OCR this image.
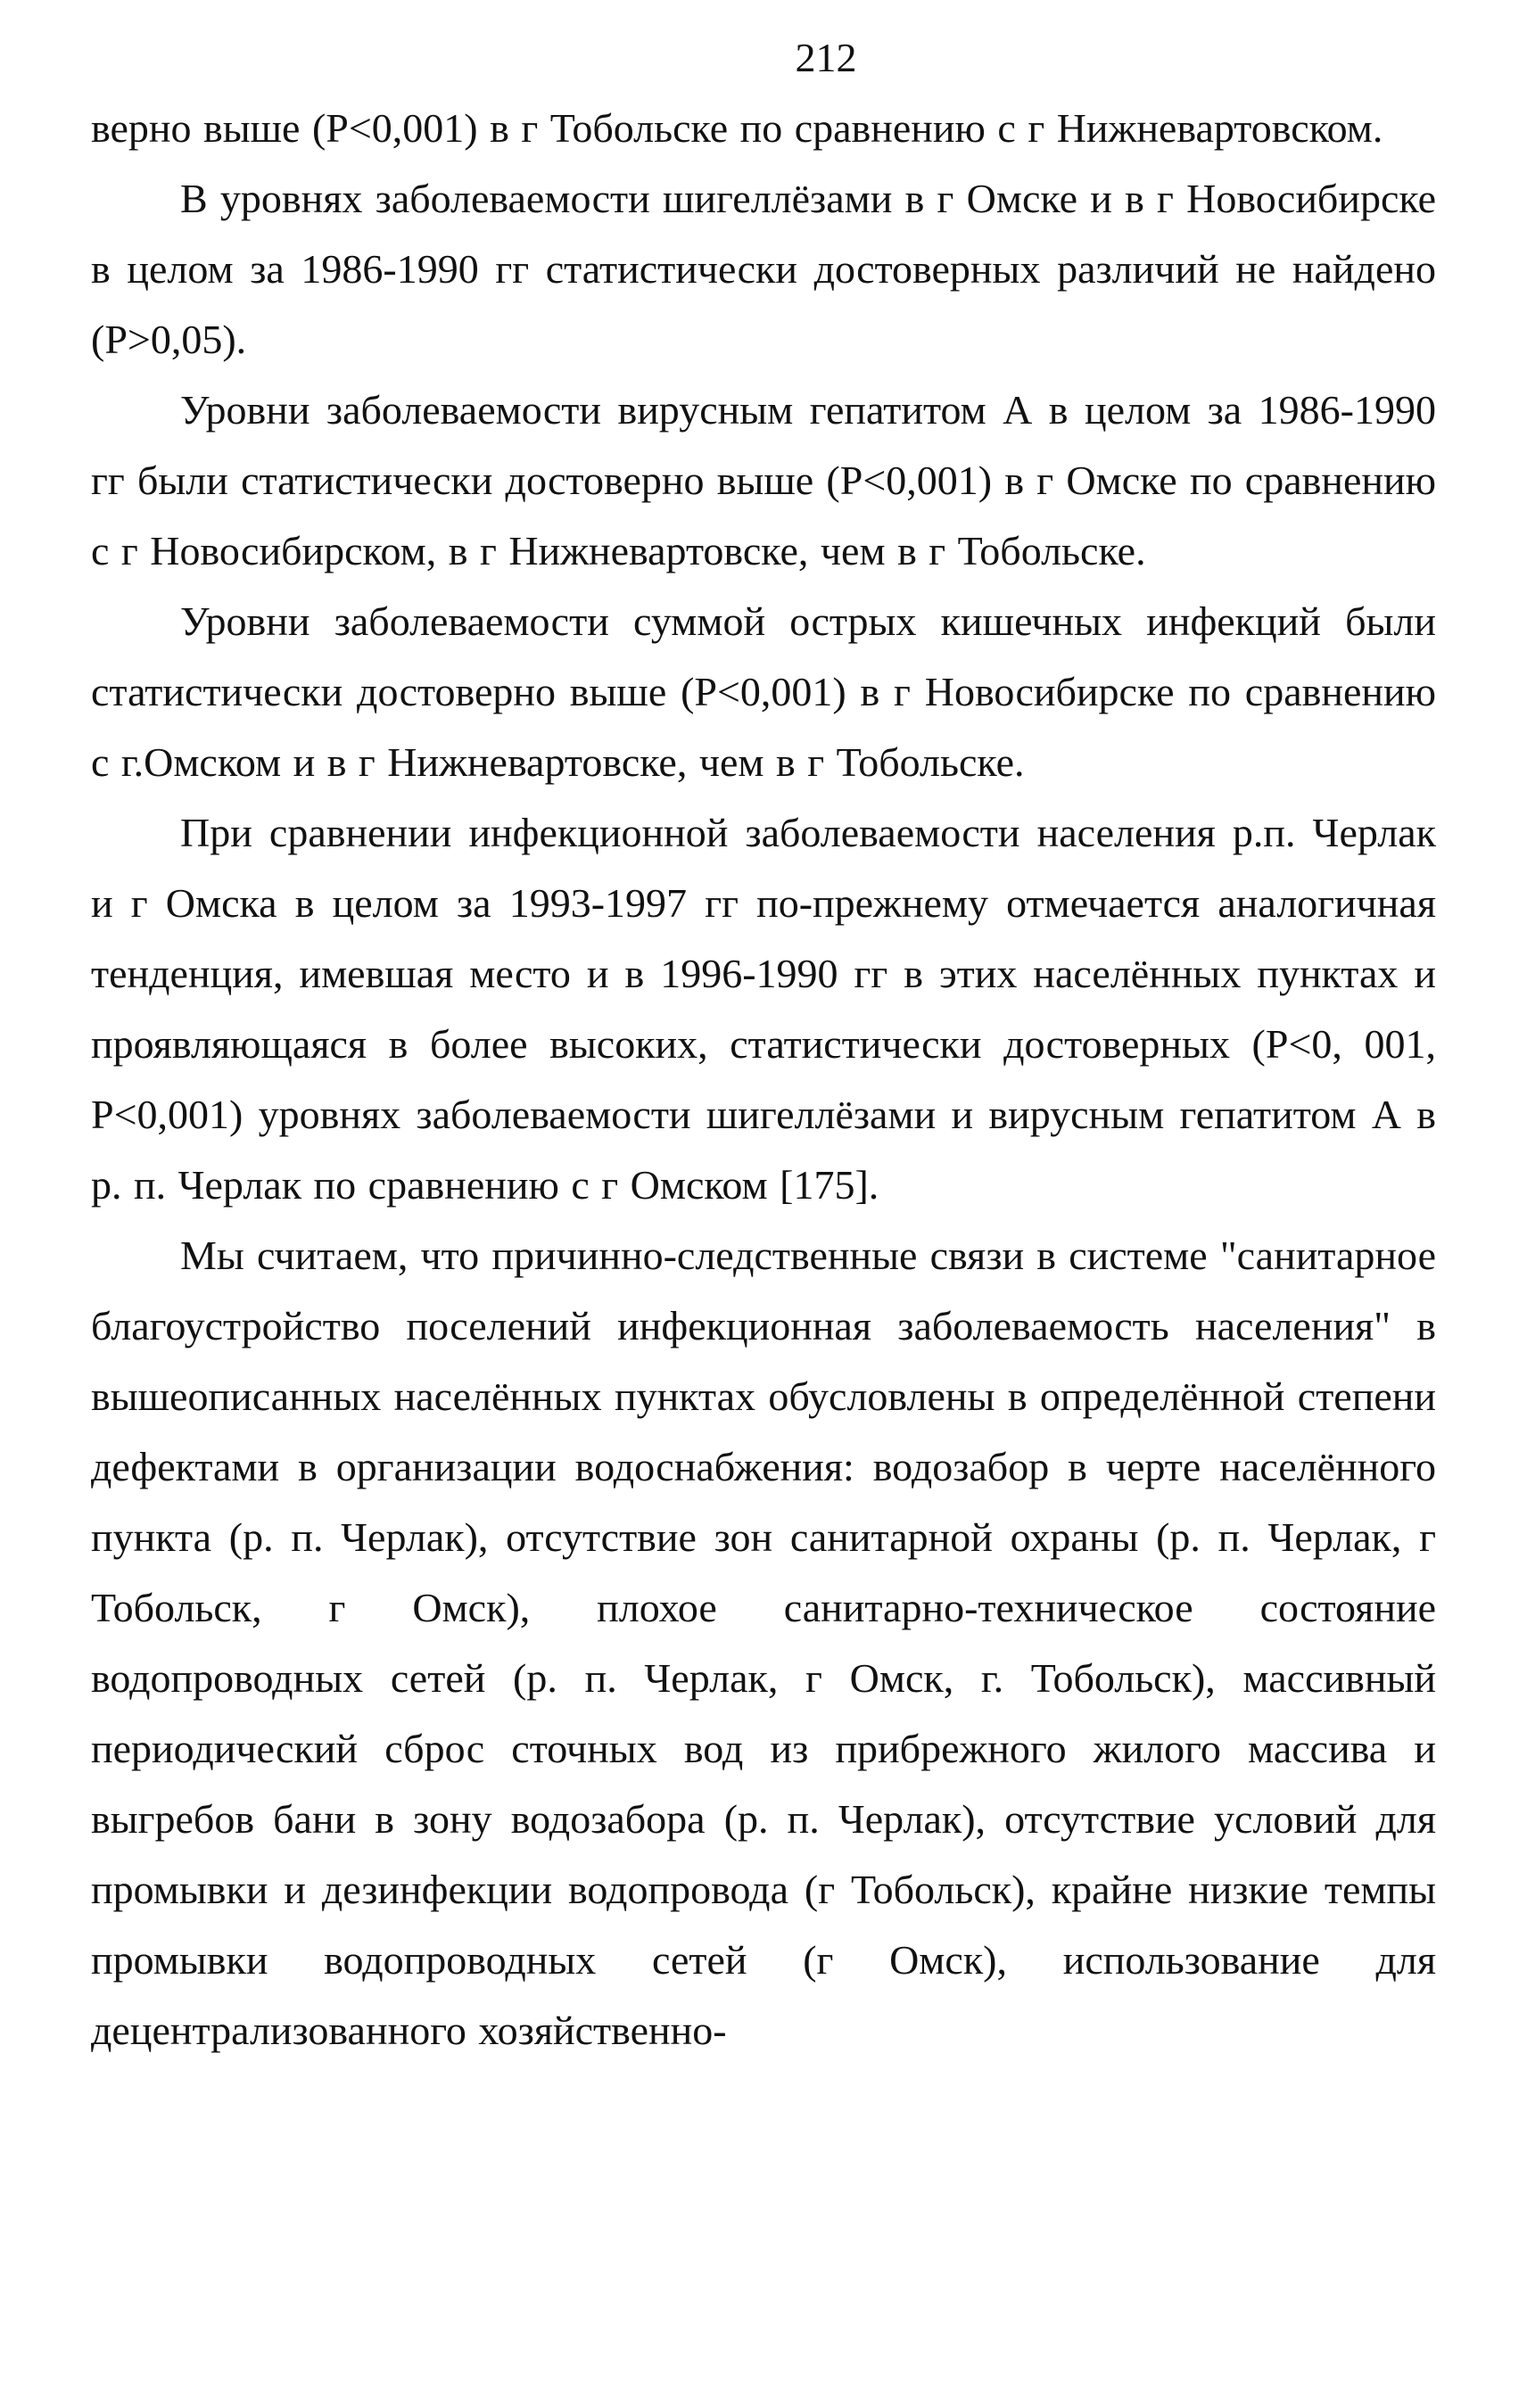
212

верно выше (Р<0,001) в г Тобольске по сравнению с г Нижневартовском.

В уровнях заболеваемости шигеллёзами в г Омске и в г Новосибирске в целом за 1986-1990 гг статистически достоверных различий не найдено (Р>0,05).

Уровни заболеваемости вирусным гепатитом А в целом за 1986-1990 гг были статистически достоверно выше (Р<0,001) в г Омске по сравнению с г Новосибирском, в г Нижневартовске, чем в г Тобольске.

Уровни заболеваемости суммой острых кишечных инфекций были статистически достоверно выше (Р<0,001) в г Новосибирске по сравнению с г.Омском и в г Нижневартовске, чем в г Тобольске.

При сравнении инфекционной заболеваемости населения р.п. Черлак и г Омска в целом за 1993-1997 гг по-прежнему отмечается аналогичная тенденция, имевшая место и в 1996-1990 гг в этих населённых пунктах и проявляющаяся в более высоких, статистически достоверных (Р<0, 001, Р<0,001) уровнях заболеваемости шигеллёзами и вирусным гепатитом А в р. п. Черлак по сравнению с г Омском [175].

Мы считаем, что причинно-следственные связи в системе "санитарное благоустройство поселений инфекционная заболеваемость населения" в вышеописанных населённых пунктах обусловлены в определённой степени дефектами в организации водоснабжения: водозабор в черте населённого пункта (р. п. Черлак), отсутствие зон санитарной охраны (р. п. Черлак, г Тобольск, г Омск), плохое санитарно-техническое состояние водопроводных сетей (р. п. Черлак, г Омск, г. Тобольск), массивный периодический сброс сточных вод из прибрежного жилого массива и выгребов бани в зону водозабора (р. п. Черлак), отсутствие условий для промывки и дезинфекции водопровода (г Тобольск), крайне низкие темпы промывки водопроводных сетей (г Омск), использование для децентрализованного хозяйственно-
